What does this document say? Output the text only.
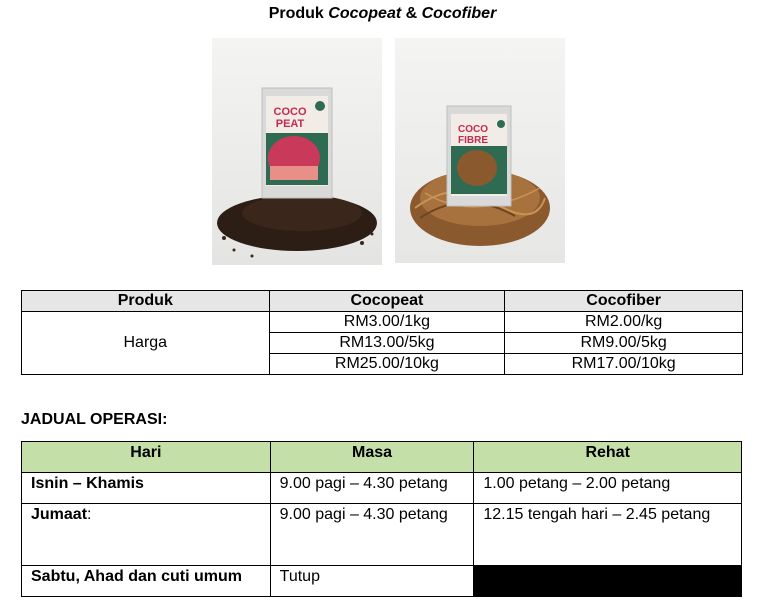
Produk Cocopeat & Cocofiber
COCO
PEAT	COCO
FIBRE
Produk	Cocopeat	Cocofiber
Harga	RM3.00/1kg	RM2.00/kg
	RM13.00/5kg	RM9.00/5kg
	RM25.00/10kg	RM17.00/10kg
JADUAL OPERASI:
Hari	Masa	Rehat
Isnin – Khamis	9.00 pagi – 4.30 petang	1.00 petang – 2.00 petang
Jumaat:	9.00 pagi – 4.30 petang	12.15 tengah hari – 2.45 petang
Sabtu, Ahad dan cuti umum	Tutup	
